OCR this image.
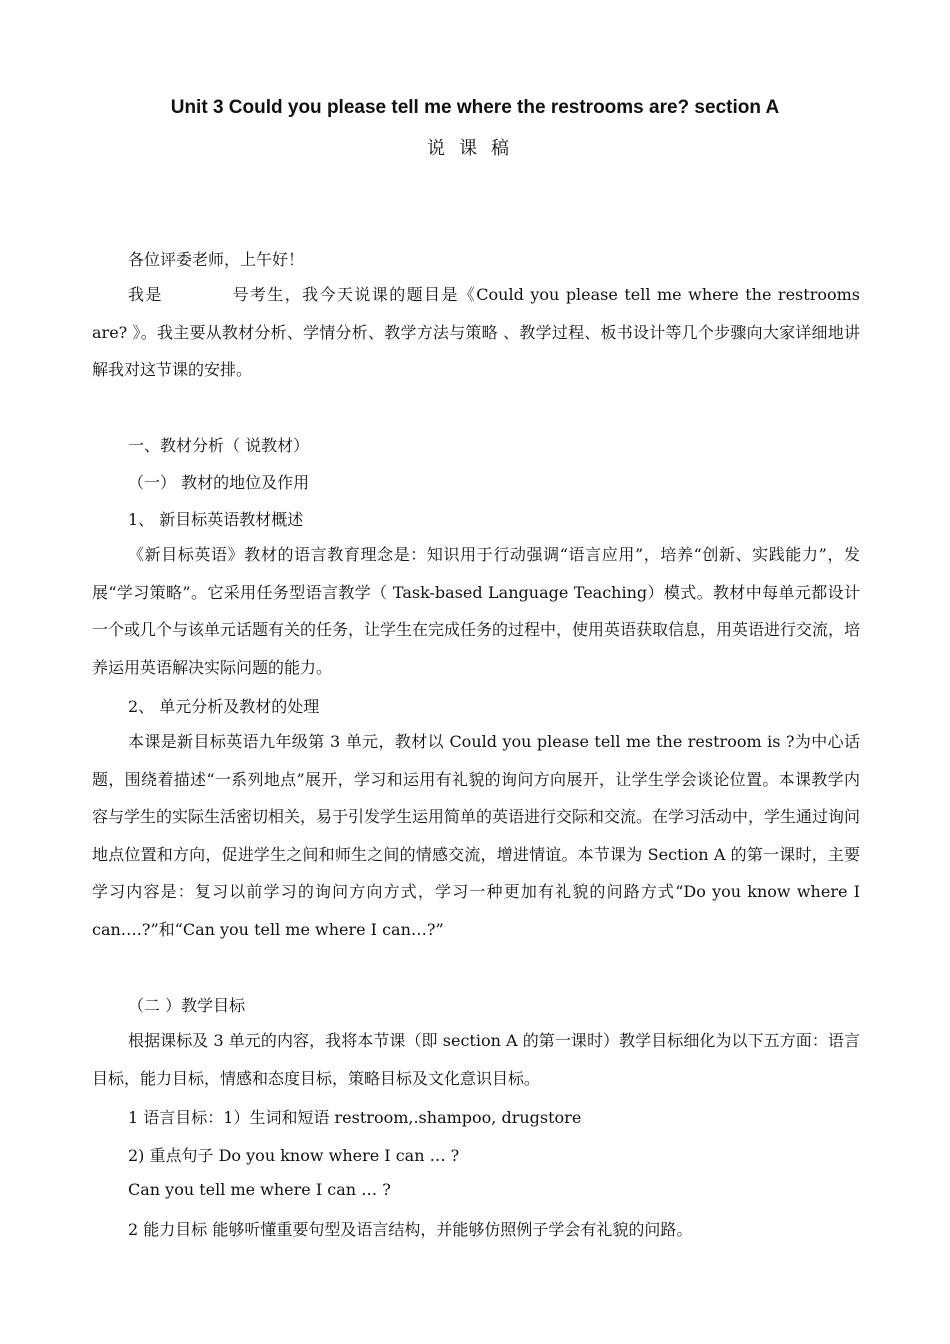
Unit 3 Could you please tell me where the restrooms are? section A
说课稿
各位评委老师，上午好！

我是　　　　号考生，我今天说课的题目是《Could you please tell me where the restrooms are? 》。我主要从教材分析、学情分析、教学方法与策略 、教学过程、板书设计等几个步骤向大家详细地讲解我对这节课的安排。

一、教材分析（ 说教材）
（一） 教材的地位及作用
1、 新目标英语教材概述

《新目标英语》教材的语言教育理念是：知识用于行动强调“语言应用”，培养“创新、实践能力”，发展“学习策略”。它采用任务型语言教学（ Task-based Language Teaching）模式。教材中每单元都设计一个或几个与该单元话题有关的任务，让学生在完成任务的过程中，使用英语获取信息，用英语进行交流，培养运用英语解决实际问题的能力。

2、 单元分析及教材的处理

本课是新目标英语九年级第 3 单元，教材以 Could you please tell me the restroom is ?为中心话题，围绕着描述“一系列地点”展开，学习和运用有礼貌的询问方向展开，让学生学会谈论位置。本课教学内容与学生的实际生活密切相关，易于引发学生运用简单的英语进行交际和交流。在学习活动中，学生通过询问地点位置和方向，促进学生之间和师生之间的情感交流，增进情谊。本节课为 Section A 的第一课时，主要学习内容是：复习以前学习的询问方向方式，学习一种更加有礼貌的问路方式“Do you know where I can….?”和“Can you tell me where I can…?”

（二 ）教学目标

根据课标及 3 单元的内容，我将本节课（即 section A 的第一课时）教学目标细化为以下五方面：语言目标，能力目标，情感和态度目标，策略目标及文化意识目标。

1 语言目标：1）生词和短语 restroom,.shampoo, drugstore
2) 重点句子 Do you know where I can … ?
Can you tell me where I can … ?
2 能力目标 能够听懂重要句型及语言结构，并能够仿照例子学会有礼貌的问路。
